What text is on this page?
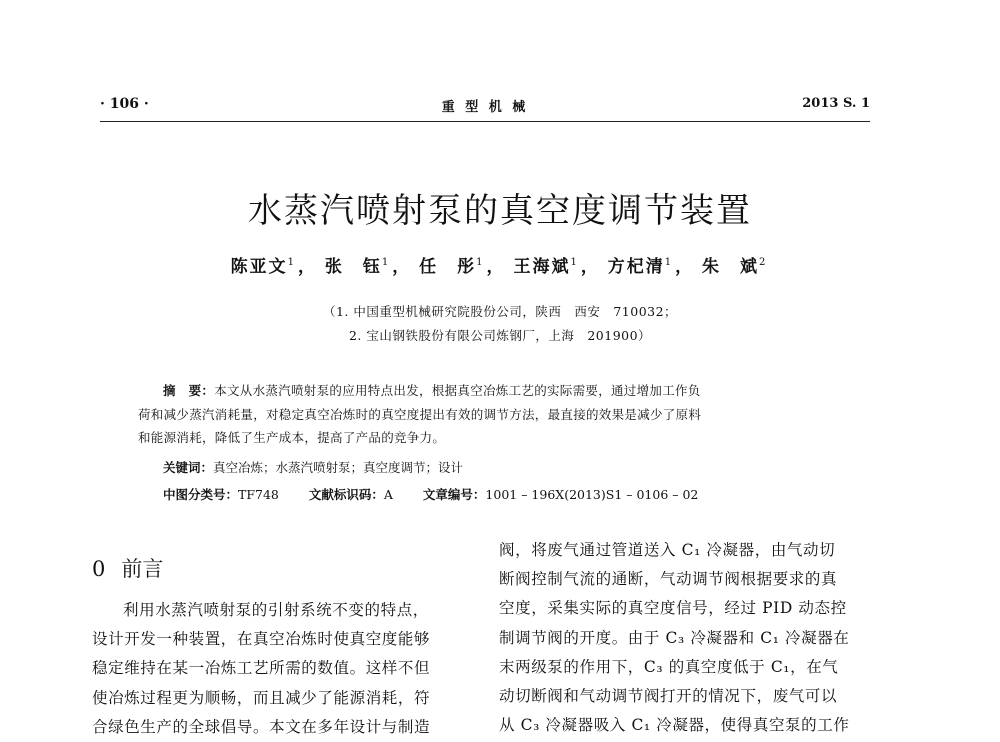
· 106 ·	重 型 机 械	2013 S. 1
水蒸汽喷射泵的真空度调节装置
陈亚文$^1$ ， 张　钰$^1$ ， 任　彤$^1$ ， 王海斌$^1$ ， 方杞清$^1$ ， 朱　斌$^2$
（1. 中国重型机械研究院股份公司，陕西　西安　710032；
2. 宝山钢铁股份有限公司炼钢厂，上海　201900）

摘　要：本文从水蒸汽喷射泵的应用特点出发，根据真空冶炼工艺的实际需要，通过增加工作负

荷和减少蒸汽消耗量，对稳定真空冶炼时的真空度提出有效的调节方法，最直接的效果是减少了原料

和能源消耗，降低了生产成本，提高了产品的竞争力。

关键词：真空冶炼；水蒸汽喷射泵；真空度调节；设计
中图分类号：TF748 文献标识码：A 文章编号：1001 – 196X(2013)S1 – 0106 – 02
0 前言

利用水蒸汽喷射泵的引射系统不变的特点，

设计开发一种装置，在真空冶炼时使真空度能够

稳定维持在某一冶炼工艺所需的数值。这样不但

使冶炼过程更为顺畅，而且减少了能源消耗，符

合绿色生产的全球倡导。本文在多年设计与制造

阀，将废气通过管道送入 C₁ 冷凝器，由气动切

断阀控制气流的通断，气动调节阀根据要求的真

空度，采集实际的真空度信号，经过 PID 动态控

制调节阀的开度。由于 C₃ 冷凝器和 C₁ 冷凝器在

末两级泵的作用下，C₃ 的真空度低于 C₁，在气

动切断阀和气动调节阀打开的情况下，废气可以

从 C₃ 冷凝器吸入 C₁ 冷凝器，使得真空泵的工作
